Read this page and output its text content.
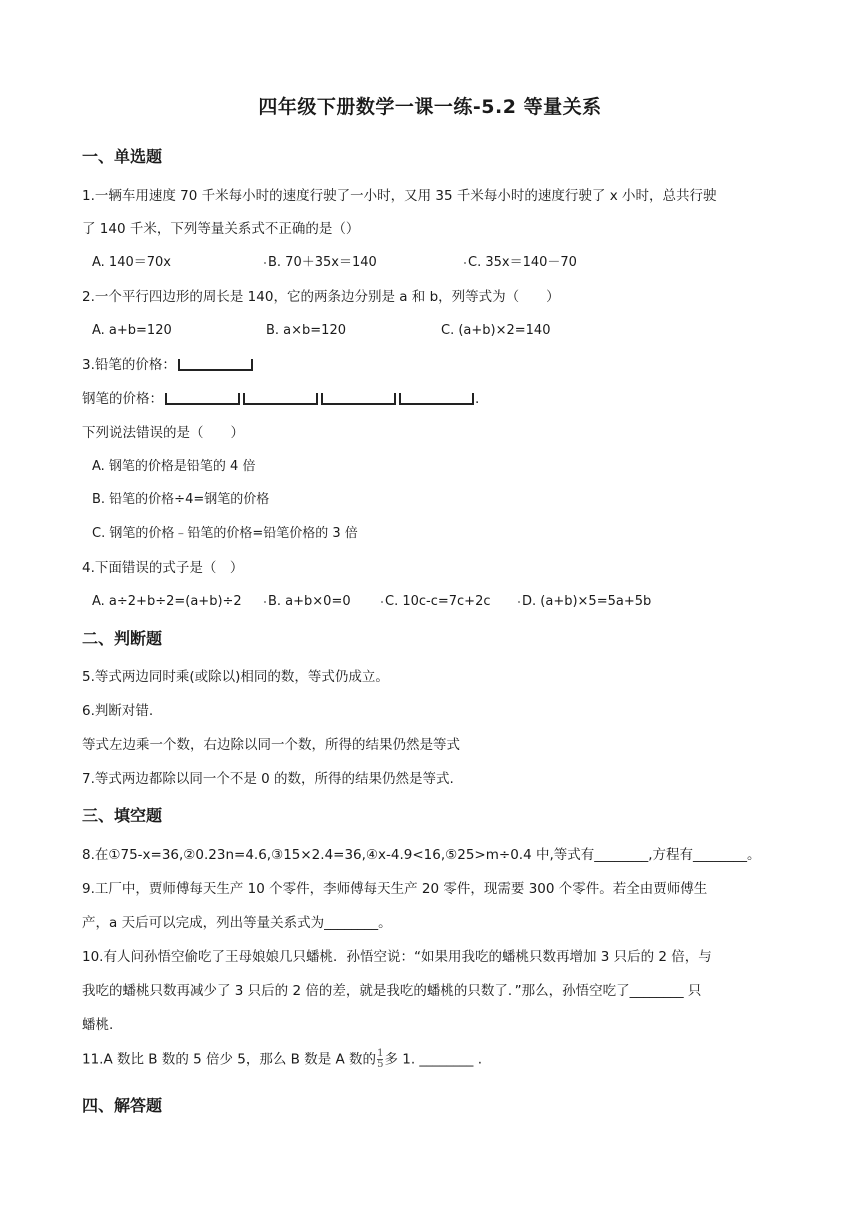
四年级下册数学一课一练-5.2 等量关系
一、单选题
1.一辆车用速度 70 千米每小时的速度行驶了一小时，又用 35 千米每小时的速度行驶了 x 小时，总共行驶
了 140 千米，下列等量关系式不正确的是（）
A. 140＝70x	B. 70＋35x＝140	C. 35x＝140－70
2.一个平行四边形的周长是 140，它的两条边分别是 a 和 b，列等式为（　　）
A. a+b=120	B. a×b=120	C. (a+b)×2=140
3.铅笔的价格：
钢笔的价格：	.
下列说法错误的是（　　）
A. 钢笔的价格是铅笔的 4 倍
B. 铅笔的价格÷4=钢笔的价格
C. 钢笔的价格﹣铅笔的价格=铅笔价格的 3 倍
4.下面错误的式子是（　）
A. a÷2+b÷2=(a+b)÷2	B. a+b×0=0	C. 10c-c=7c+2c	D. (a+b)×5=5a+5b
二、判断题
5.等式两边同时乘(或除以)相同的数，等式仍成立。
6.判断对错.
等式左边乘一个数，右边除以同一个数，所得的结果仍然是等式
7.等式两边都除以同一个不是 0 的数，所得的结果仍然是等式.
三、填空题
8.在①75-x=36,②0.23n=4.6,③15×2.4=36,④x-4.9<16,⑤25>m÷0.4 中,等式有________,方程有________。
9.工厂中，贾师傅每天生产 10 个零件，李师傅每天生产 20 零件，现需要 300 个零件。若全由贾师傅生
产，a 天后可以完成，列出等量关系式为________。
10.有人问孙悟空偷吃了王母娘娘几只蟠桃．孙悟空说：“如果用我吃的蟠桃只数再增加 3 只后的 2 倍，与
我吃的蟠桃只数再减少了 3 只后的 2 倍的差，就是我吃的蟠桃的只数了．”那么，孙悟空吃了________ 只
蟠桃.
11.A 数比 B 数的 5 倍少 5，那么 B 数是 A 数的 $\frac{1}{5}$ 多 1. ________ .
四、解答题
